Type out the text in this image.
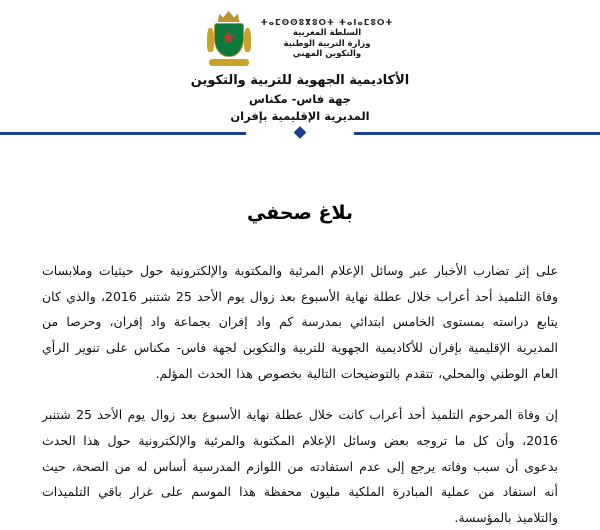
ⵜⴰⵎⵙⵙⵓⴳⵓⵔⵜ ⵜⴰⵏⴰⵎⵓⵔⵜ
السلطة المغربية
وزارة التربية الوطنية
والتكوين المهني
الأكاديمية الجهوية للتربية والتكوين
جهة فاس- مكناس
المديرية الإقليمية بإفران
بلاغ صحفي

على إثر تضارب الأخبار عبر وسائل الإعلام المرئية والمكتوبة والإلكترونية حول حيثيات وملابسات وفاة التلميذ أحد أعراب خلال عطلة نهاية الأسبوع بعد زوال يوم الأحد 25 شتنبر 2016، والذي كان يتابع دراسته بمستوى الخامس ابتدائي بمدرسة كم واد إفران بجماعة واد إفران، وحرصا من المديرية الإقليمية بإفران للأكاديمية الجهوية للتربية والتكوين لجهة فاس- مكناس على تنوير الرأي العام الوطني والمحلي، تتقدم بالتوضيحات التالية بخصوص هذا الحدث المؤلم.

إن وفاة المرحوم التلميذ أحد أعراب كانت خلال عطلة نهاية الأسبوع بعد زوال يوم الأحد 25 شتنبر 2016، وأن كل ما تروجه بعض وسائل الإعلام المكتوبة والمرئية والإلكترونية حول هذا الحدث بدعوى أن سبب وفاته يرجع إلى عدم استفادته من اللوازم المدرسية أساس له من الصحة، حيث أنه استفاد من عملية المبادرة الملكية مليون محفظة هذا الموسم على غرار باقي التلميذات والتلاميذ بالمؤسسة.
